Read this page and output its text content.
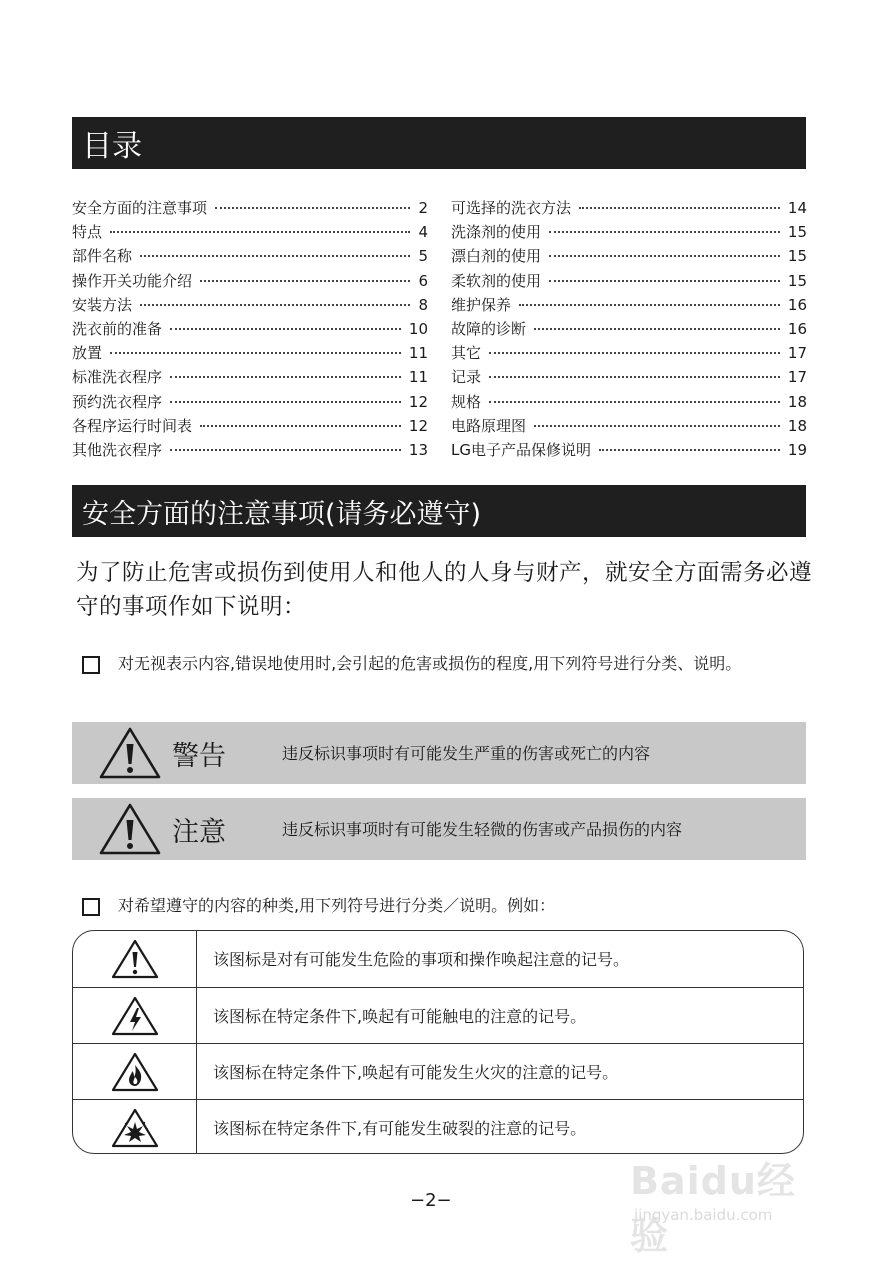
目录
安全方面的注意事项	2
特点	4
部件名称	5
操作开关功能介绍	6
安装方法	8
洗衣前的准备	10
放置	11
标准洗衣程序	11
预约洗衣程序	12
各程序运行时间表	12
其他洗衣程序	13
可选择的洗衣方法	14
洗涤剂的使用	15
漂白剂的使用	15
柔软剂的使用	15
维护保养	16
故障的诊断	16
其它	17
记录	17
规格	18
电路原理图	18
LG电子产品保修说明	19
安全方面的注意事项(请务必遵守)
为了防止危害或损伤到使用人和他人的人身与财产，就安全方面需务必遵守的事项作如下说明：
对无视表示内容,错误地使用时,会引起的危害或损伤的程度,用下列符号进行分类、说明。
警告	违反标识事项时有可能发生严重的伤害或死亡的内容
注意	违反标识事项时有可能发生轻微的伤害或产品损伤的内容
对希望遵守的内容的种类,用下列符号进行分类／说明。例如：
该图标是对有可能发生危险的事项和操作唤起注意的记号。
该图标在特定条件下,唤起有可能触电的注意的记号。
该图标在特定条件下,唤起有可能发生火灾的注意的记号。
该图标在特定条件下,有可能发生破裂的注意的记号。
−2−	Baidu经验
jingyan.baidu.com
